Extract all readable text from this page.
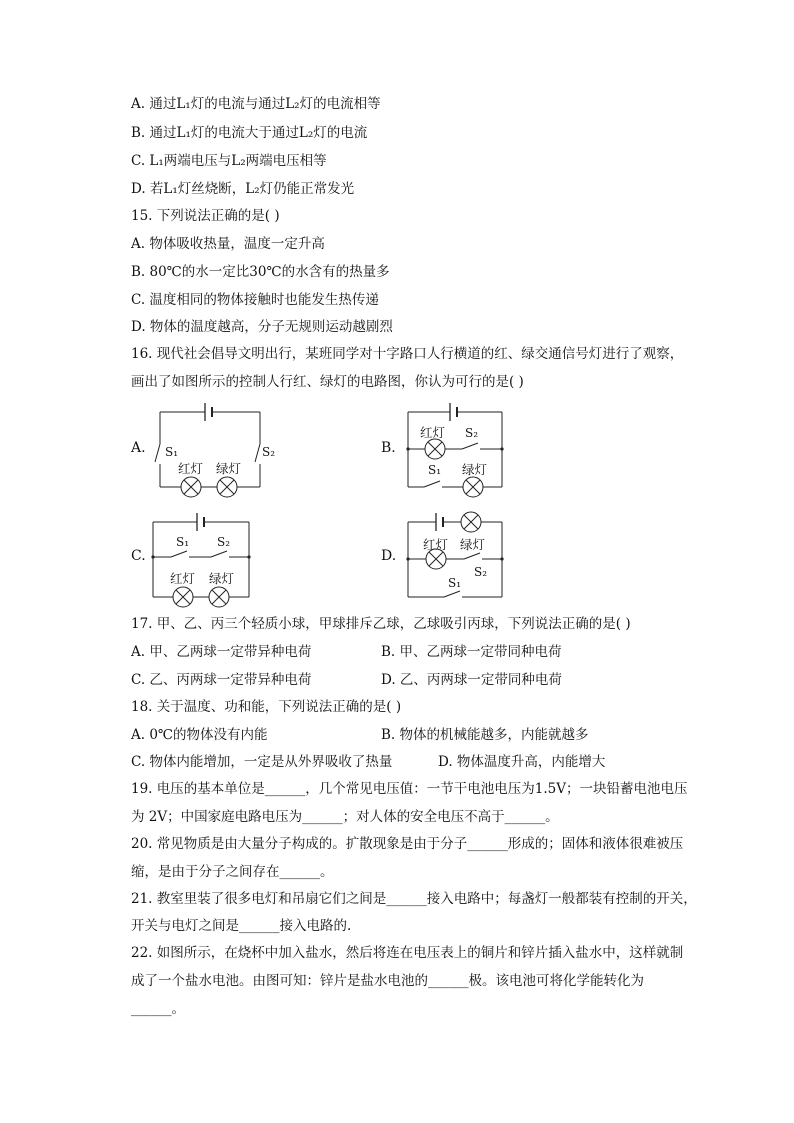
A. 通过L₁灯的电流与通过L₂灯的电流相等
B. 通过L₁灯的电流大于通过L₂灯的电流
C. L₁两端电压与L₂两端电压相等
D. 若L₁灯丝烧断，L₂灯仍能正常发光
15. 下列说法正确的是( )
A. 物体吸收热量，温度一定升高
B. 80℃的水一定比30℃的水含有的热量多
C. 温度相同的物体接触时也能发生热传递
D. 物体的温度越高，分子无规则运动越剧烈
16. 现代社会倡导文明出行，某班同学对十字路口人行横道的红、绿交通信号灯进行了观察，
画出了如图所示的控制人行红、绿灯的电路图，你认为可行的是( )
A.	B.
C.	D.
S₁	S₂
红灯 绿灯
红灯 S₂
S₁ 绿灯
S₁ S₂
红灯 绿灯
红灯 绿灯
S₂
S₁
17. 甲、乙、丙三个轻质小球，甲球排斥乙球，乙球吸引丙球，下列说法正确的是( )
A. 甲、乙两球一定带异种电荷	B. 甲、乙两球一定带同种电荷
C. 乙、丙两球一定带异种电荷	D. 乙、丙两球一定带同种电荷
18. 关于温度、功和能，下列说法正确的是( )
A. 0℃的物体没有内能	B. 物体的机械能越多，内能就越多
C. 物体内能增加，一定是从外界吸收了热量	D. 物体温度升高，内能增大
19. 电压的基本单位是______，几个常见电压值：一节干电池电压为1.5V；一块铅蓄电池电压
为 2V；中国家庭电路电压为______；对人体的安全电压不高于______。
20. 常见物质是由大量分子构成的。扩散现象是由于分子______形成的；固体和液体很难被压
缩，是由于分子之间存在______。
21. 教室里装了很多电灯和吊扇它们之间是______接入电路中；每盏灯一般都装有控制的开关，
开关与电灯之间是______接入电路的.
22. 如图所示，在烧杯中加入盐水，然后将连在电压表上的铜片和锌片插入盐水中，这样就制
成了一个盐水电池。由图可知：锌片是盐水电池的______极。该电池可将化学能转化为
______。
